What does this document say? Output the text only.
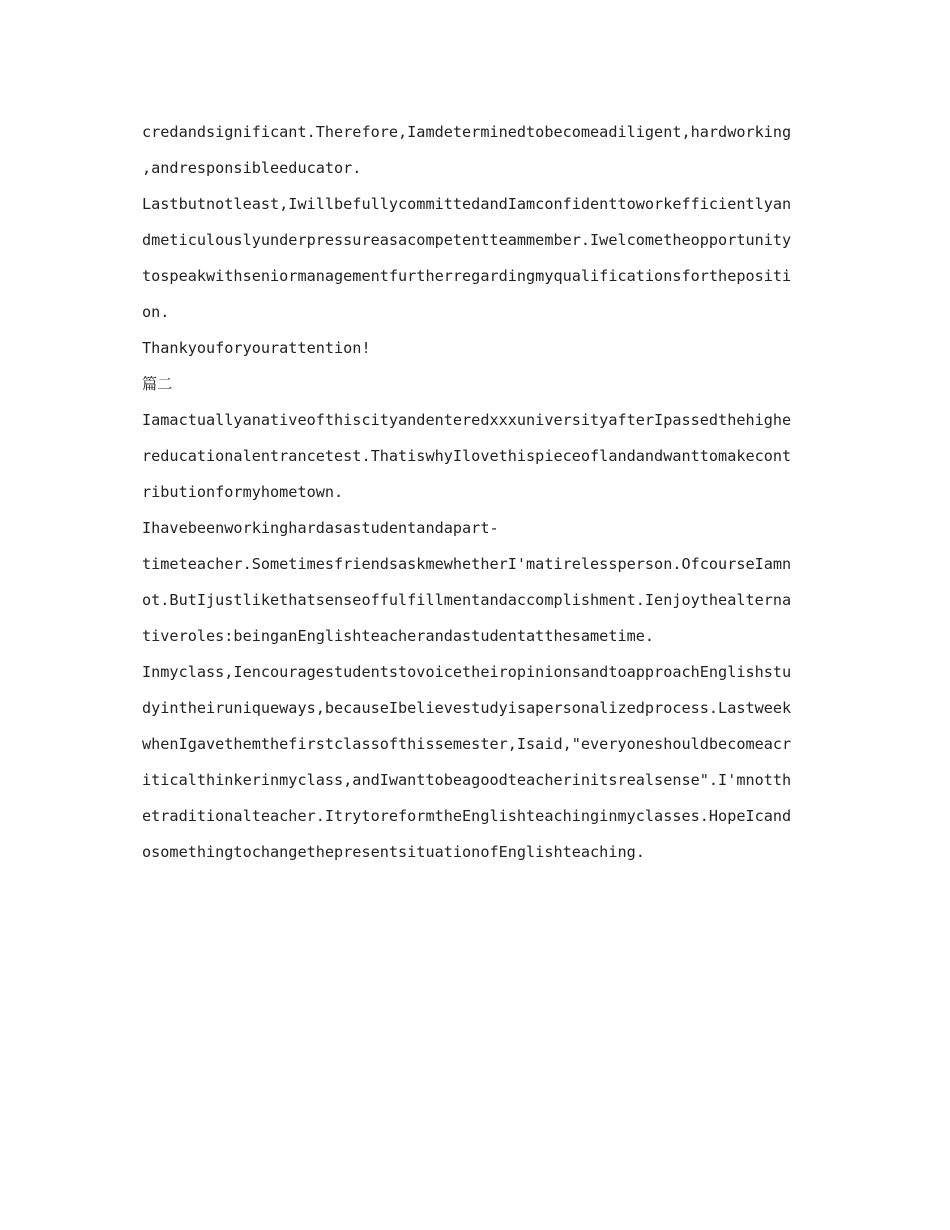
credandsignificant.Therefore,Iamdeterminedtobecomeadiligent,hardworking
,andresponsibleeducator.
Lastbutnotleast,IwillbefullycommittedandIamconfidenttoworkefficientlyan
dmeticulouslyunderpressureasacompetentteammember.Iwelcometheopportunity
tospeakwithseniormanagementfurtherregardingmyqualificationsforthepositi
on.
Thankyouforyourattention!
篇二
IamactuallyanativeofthiscityandenteredxxxuniversityafterIpassedthehighe
reducationalentrancetest.ThatiswhyIlovethispieceoflandandwanttomakecont
ributionformyhometown.
Ihavebeenworkinghardasastudentandapart-
timeteacher.SometimesfriendsaskmewhetherI'matirelessperson.OfcourseIamn
ot.ButIjustlikethatsenseoffulfillmentandaccomplishment.Ienjoythealterna
tiveroles:beinganEnglishteacherandastudentatthesametime.
Inmyclass,IencouragestudentstovoicetheiropinionsandtoapproachEnglishstu
dyintheiruniqueways,becauseIbelievestudyisapersonalizedprocess.Lastweek
whenIgavethemthefirstclassofthissemester,Isaid,"everyoneshouldbecomeacr
iticalthinkerinmyclass,andIwanttobeagoodteacherinitsrealsense".I'mnotth
etraditionalteacher.ItrytoreformtheEnglishteachinginmyclasses.HopeIcand
osomethingtochangethepresentsituationofEnglishteaching.
